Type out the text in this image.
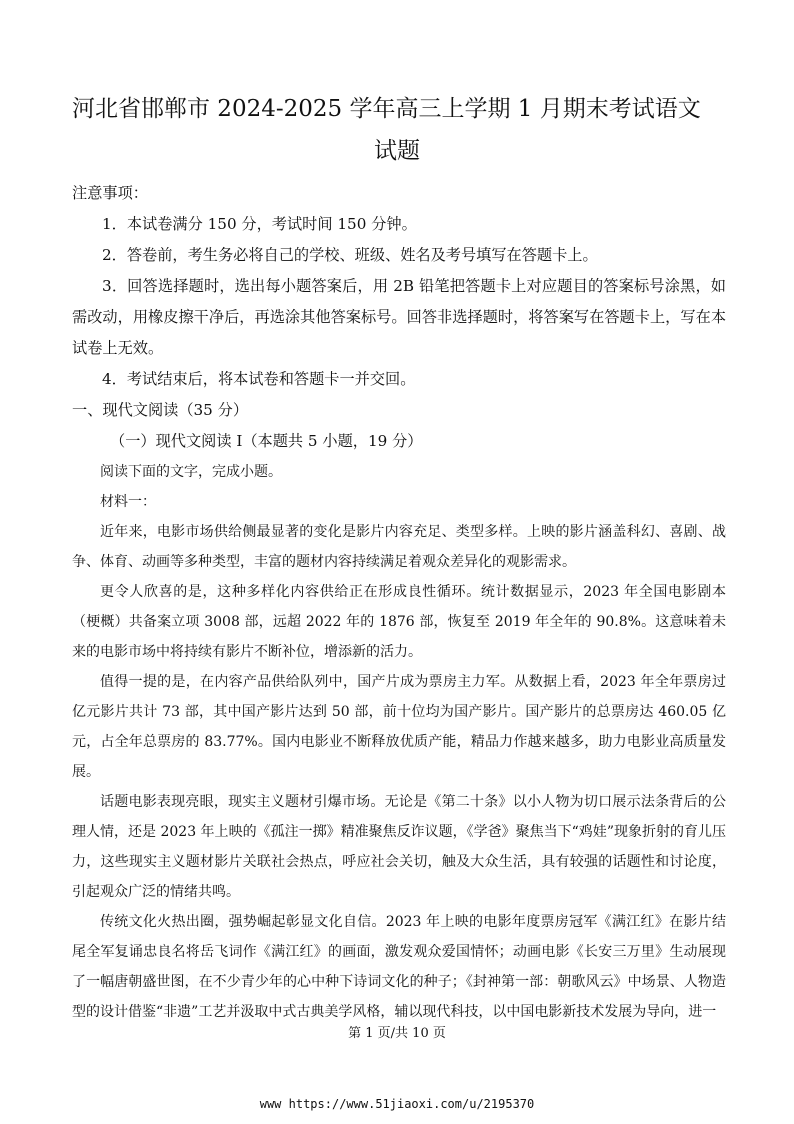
河北省邯郸市 2024-2025 学年高三上学期 1 月期末考试语文
试题

注意事项：

1．本试卷满分 150 分，考试时间 150 分钟。

2．答卷前，考生务必将自己的学校、班级、姓名及考号填写在答题卡上。

3．回答选择题时，选出每小题答案后，用 2B 铅笔把答题卡上对应题目的答案标号涂黑，如需改动，用橡皮擦干净后，再选涂其他答案标号。回答非选择题时，将答案写在答题卡上，写在本试卷上无效。

4．考试结束后，将本试卷和答题卡一并交回。

一、现代文阅读（35 分）

（一）现代文阅读 I（本题共 5 小题，19 分）

阅读下面的文字，完成小题。

材料一：

近年来，电影市场供给侧最显著的变化是影片内容充足、类型多样。上映的影片涵盖科幻、喜剧、战争、体育、动画等多种类型，丰富的题材内容持续满足着观众差异化的观影需求。

更令人欣喜的是，这种多样化内容供给正在形成良性循环。统计数据显示，2023 年全国电影剧本（梗概）共备案立项 3008 部，远超 2022 年的 1876 部，恢复至 2019 年全年的 90.8%。这意味着未来的电影市场中将持续有影片不断补位，增添新的活力。

值得一提的是，在内容产品供给队列中，国产片成为票房主力军。从数据上看，2023 年全年票房过亿元影片共计 73 部，其中国产影片达到 50 部，前十位均为国产影片。国产影片的总票房达 460.05 亿元，占全年总票房的 83.77%。国内电影业不断释放优质产能，精品力作越来越多，助力电影业高质量发展。

话题电影表现亮眼，现实主义题材引爆市场。无论是《第二十条》以小人物为切口展示法条背后的公理人情，还是 2023 年上映的《孤注一掷》精准聚焦反诈议题，《学爸》聚焦当下“鸡娃”现象折射的育儿压力，这些现实主义题材影片关联社会热点，呼应社会关切，触及大众生活，具有较强的话题性和讨论度，引起观众广泛的情绪共鸣。

传统文化火热出圈，强势崛起彰显文化自信。2023 年上映的电影年度票房冠军《满江红》在影片结尾全军复诵忠良名将岳飞词作《满江红》的画面，激发观众爱国情怀；动画电影《长安三万里》生动展现了一幅唐朝盛世图，在不少青少年的心中种下诗词文化的种子；《封神第一部：朝歌风云》中场景、人物造型的设计借鉴“非遗”工艺并汲取中式古典美学风格，辅以现代科技，以中国电影新技术发展为导向，进一

第 1 页/共 10 页
www https://www.51jiaoxi.com/u/2195370
